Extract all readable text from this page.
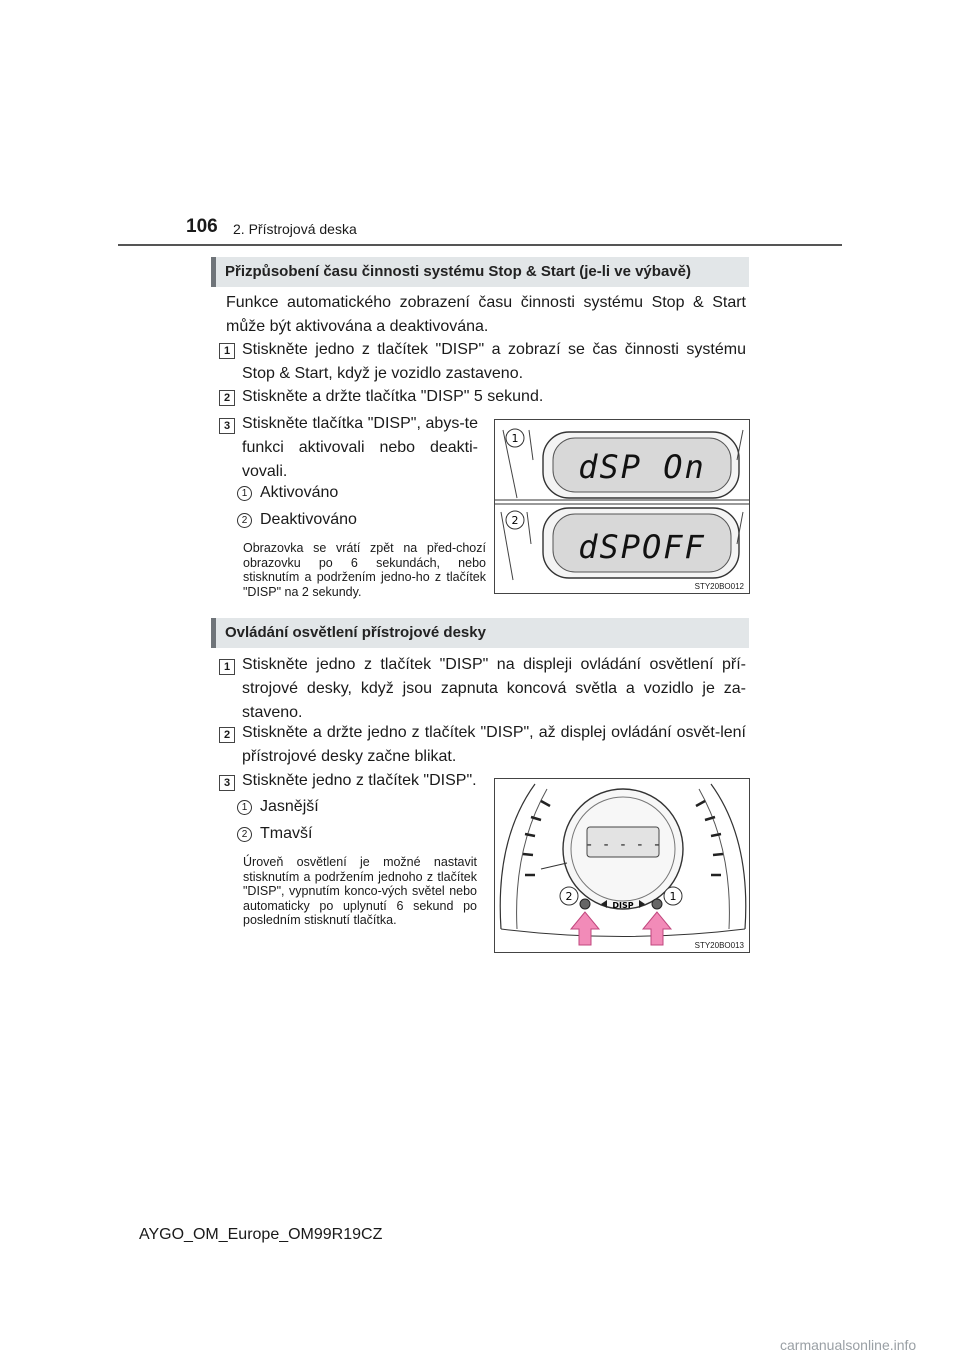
106 2. Přístrojová deska
Přizpůsobení času činnosti systému Stop & Start (je-li ve výbavě)
Funkce automatického zobrazení času činnosti systému Stop & Start může být aktivována a deaktivována.
1 Stiskněte jedno z tlačítek "DISP" a zobrazí se čas činnosti systému Stop & Start, když je vozidlo zastaveno.
2 Stiskněte a držte tlačítka "DISP" 5 sekund.
3 Stiskněte tlačítka "DISP", abys-te funkci aktivovali nebo deakti-vovali.
1 Aktivováno
2 Deaktivováno
Obrazovka se vrátí zpět na před-chozí obrazovku po 6 sekundách, nebo stisknutím a podržením jedno-ho z tlačítek "DISP" na 2 sekundy.
dSP On
dSPOFF
1
2
STY20BO012
Ovládání osvětlení přístrojové desky
1 Stiskněte jedno z tlačítek "DISP" na displeji ovládání osvětlení pří-strojové desky, když jsou zapnuta koncová světla a vozidlo je za-staveno.
2 Stiskněte a držte jedno z tlačítek "DISP", až displej ovládání osvět-lení přístrojové desky začne blikat.
3 Stiskněte jedno z tlačítek "DISP".
1 Jasnější
2 Tmavší
Úroveň osvětlení je možné nastavit stisknutím a podržením jednoho z tlačítek "DISP", vypnutím konco-vých světel nebo automaticky po uplynutí 6 sekund po posledním stisknutí tlačítka.
- - - - -
DISP
2	1
STY20BO013
AYGO_OM_Europe_OM99R19CZ
carmanualsonline.info
